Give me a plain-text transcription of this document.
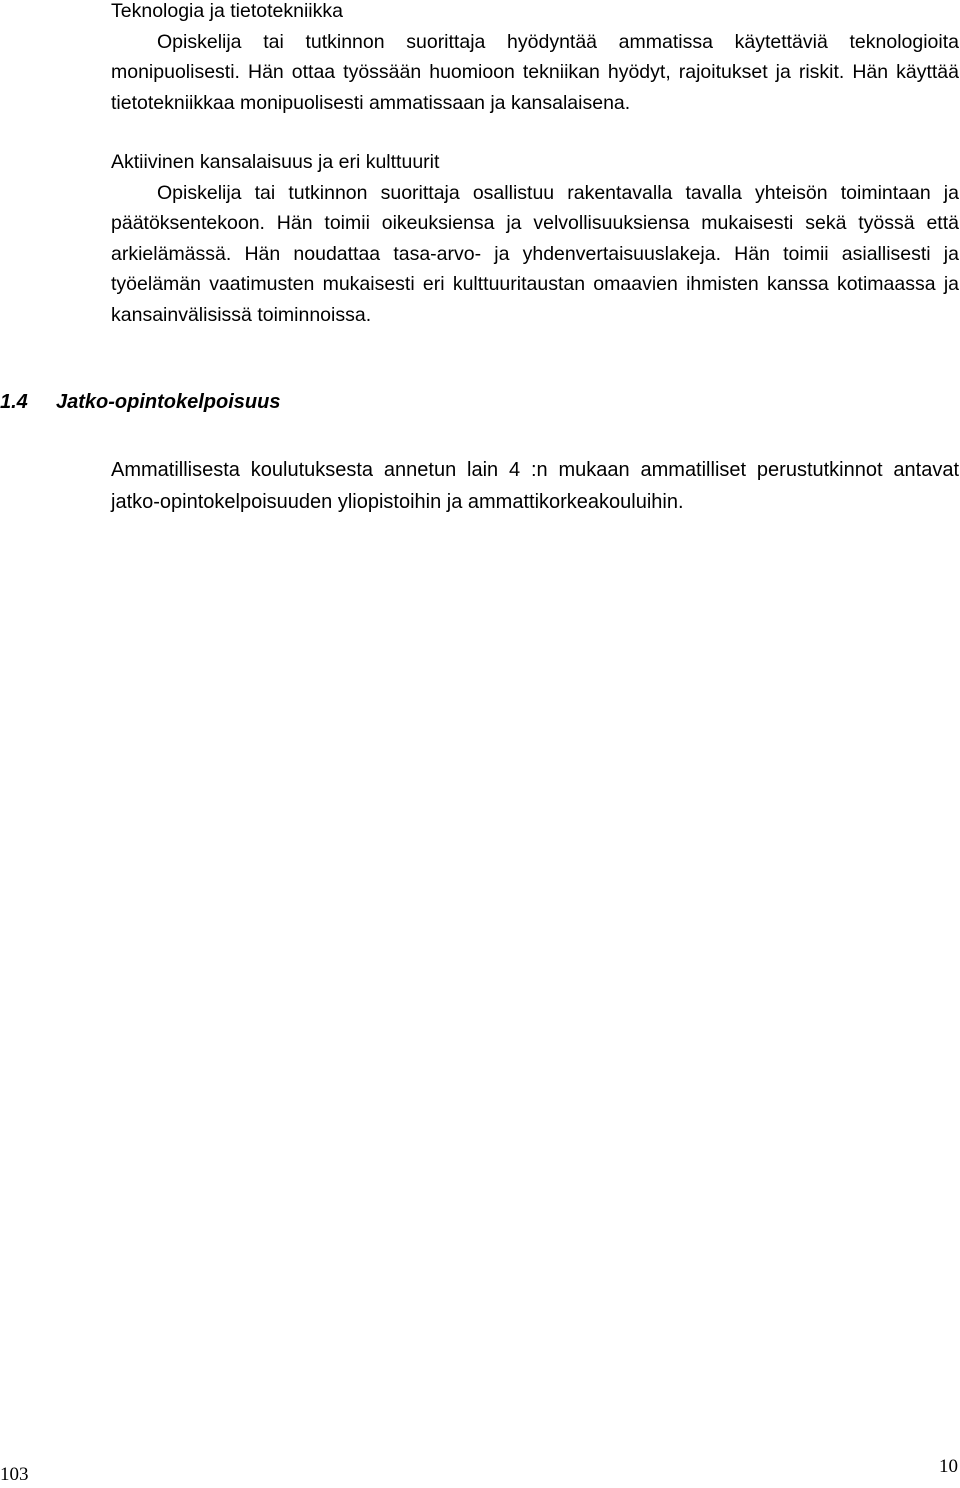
Teknologia ja tietotekniikka
Opiskelija tai tutkinnon suorittaja hyödyntää ammatissa käytettäviä teknologioita monipuolisesti. Hän ottaa työssään huomioon tekniikan hyödyt, rajoitukset ja riskit. Hän käyttää tietotekniikkaa monipuolisesti ammatissaan ja kansalaisena.
Aktiivinen kansalaisuus ja eri kulttuurit
Opiskelija tai tutkinnon suorittaja osallistuu rakentavalla tavalla yhteisön toimintaan ja päätöksentekoon. Hän toimii oikeuksiensa ja velvollisuuksiensa mukaisesti sekä työssä että arkielämässä. Hän noudattaa tasa-arvo- ja yhdenvertaisuuslakeja. Hän toimii asiallisesti ja työelämän vaatimusten mukaisesti eri kulttuuritaustan omaavien ihmisten kanssa kotimaassa ja kansainvälisissä toiminnoissa.
1.4 Jatko-opintokelpoisuus

Ammatillisesta koulutuksesta annetun lain 4 :n mukaan ammatilliset perustutkinnot antavat jatko-opintokelpoisuuden yliopistoihin ja ammattikorkeakouluihin.

103	10
